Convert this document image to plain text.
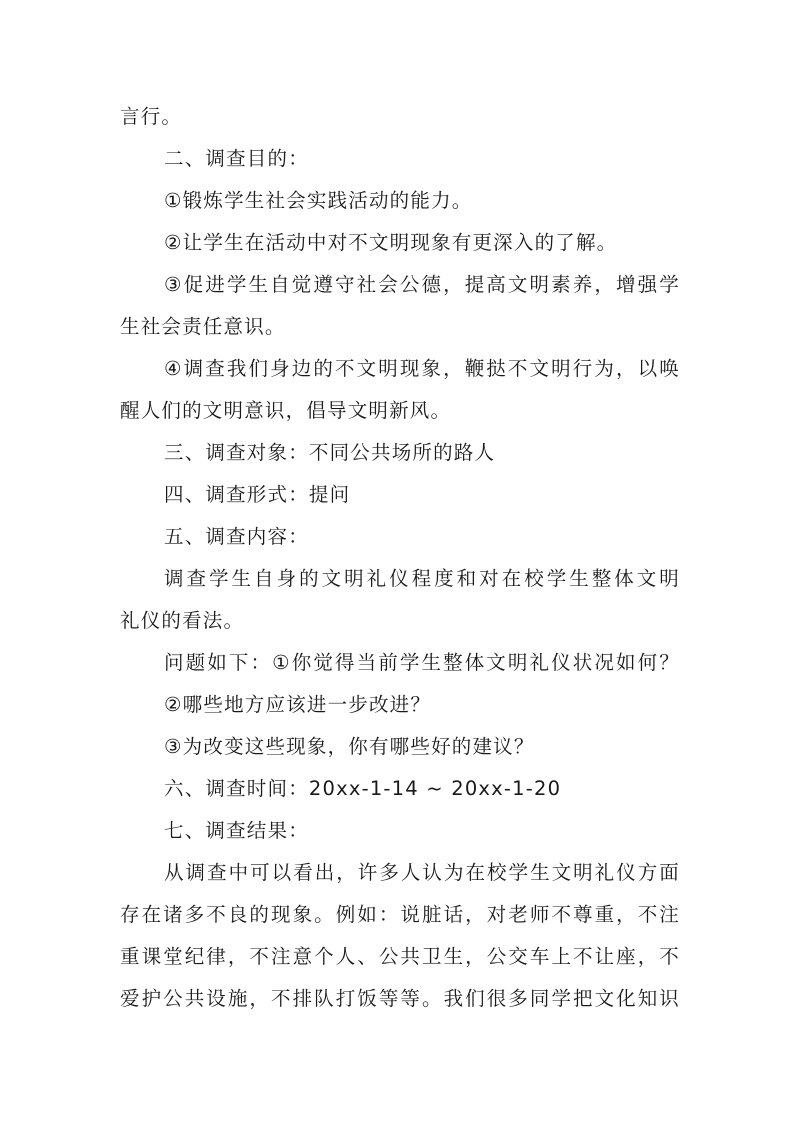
言行。
二、调查目的：
①锻炼学生社会实践活动的能力。
②让学生在活动中对不文明现象有更深入的了解。
③促进学生自觉遵守社会公德，提高文明素养，增强学
生社会责任意识。
④调查我们身边的不文明现象，鞭挞不文明行为，以唤
醒人们的文明意识，倡导文明新风。
三、调查对象：不同公共场所的路人
四、调查形式：提问
五、调查内容：
调查学生自身的文明礼仪程度和对在校学生整体文明
礼仪的看法。
问题如下：①你觉得当前学生整体文明礼仪状况如何？
②哪些地方应该进一步改进？
③为改变这些现象，你有哪些好的建议？
六、调查时间：20xx-1-14 ~ 20xx-1-20
七、调查结果：
从调查中可以看出，许多人认为在校学生文明礼仪方面
存在诸多不良的现象。例如：说脏话，对老师不尊重，不注
重课堂纪律，不注意个人、公共卫生，公交车上不让座，不
爱护公共设施，不排队打饭等等。我们很多同学把文化知识
